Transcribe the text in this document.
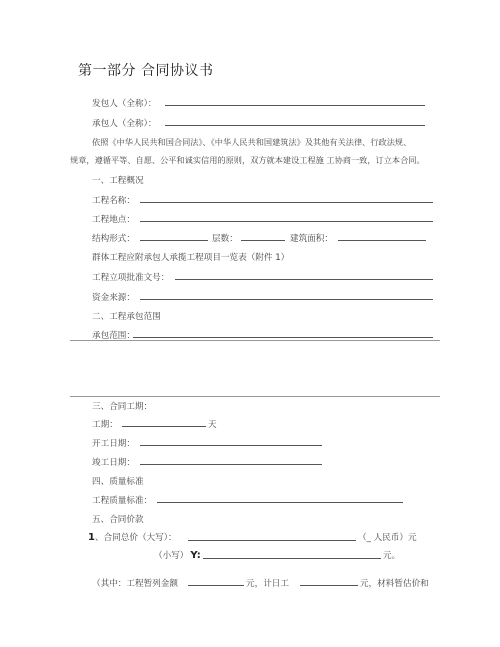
第一部分 合同协议书
发包人（全称）：
承包人（全称）：
依照《中华人民共和国合同法》、《中华人民共和国建筑法》及其他有关法律、行政法规、
规章，遵循平等、自愿、公平和诚实信用的原则，双方就本建设工程施 工协商一致，订立本合同。
一、工程概况
工程名称：
工程地点：
结构形式：	层数：	建筑面积：
群体工程应附承包人承揽工程项目一览表（附件 1）
工程立项批准文号：
资金来源：
二、工程承包范围
承包范围：
三、合同工期：
工期：	天
开工日期：
竣工日期：
四、质量标准
工程质量标准：
五、合同价款
1、合同总价（大写）：	（_ 人民币）元
（小写） Y:	元。
（其中：工程暂列金额	元，计日工	元，材料暂估价和
